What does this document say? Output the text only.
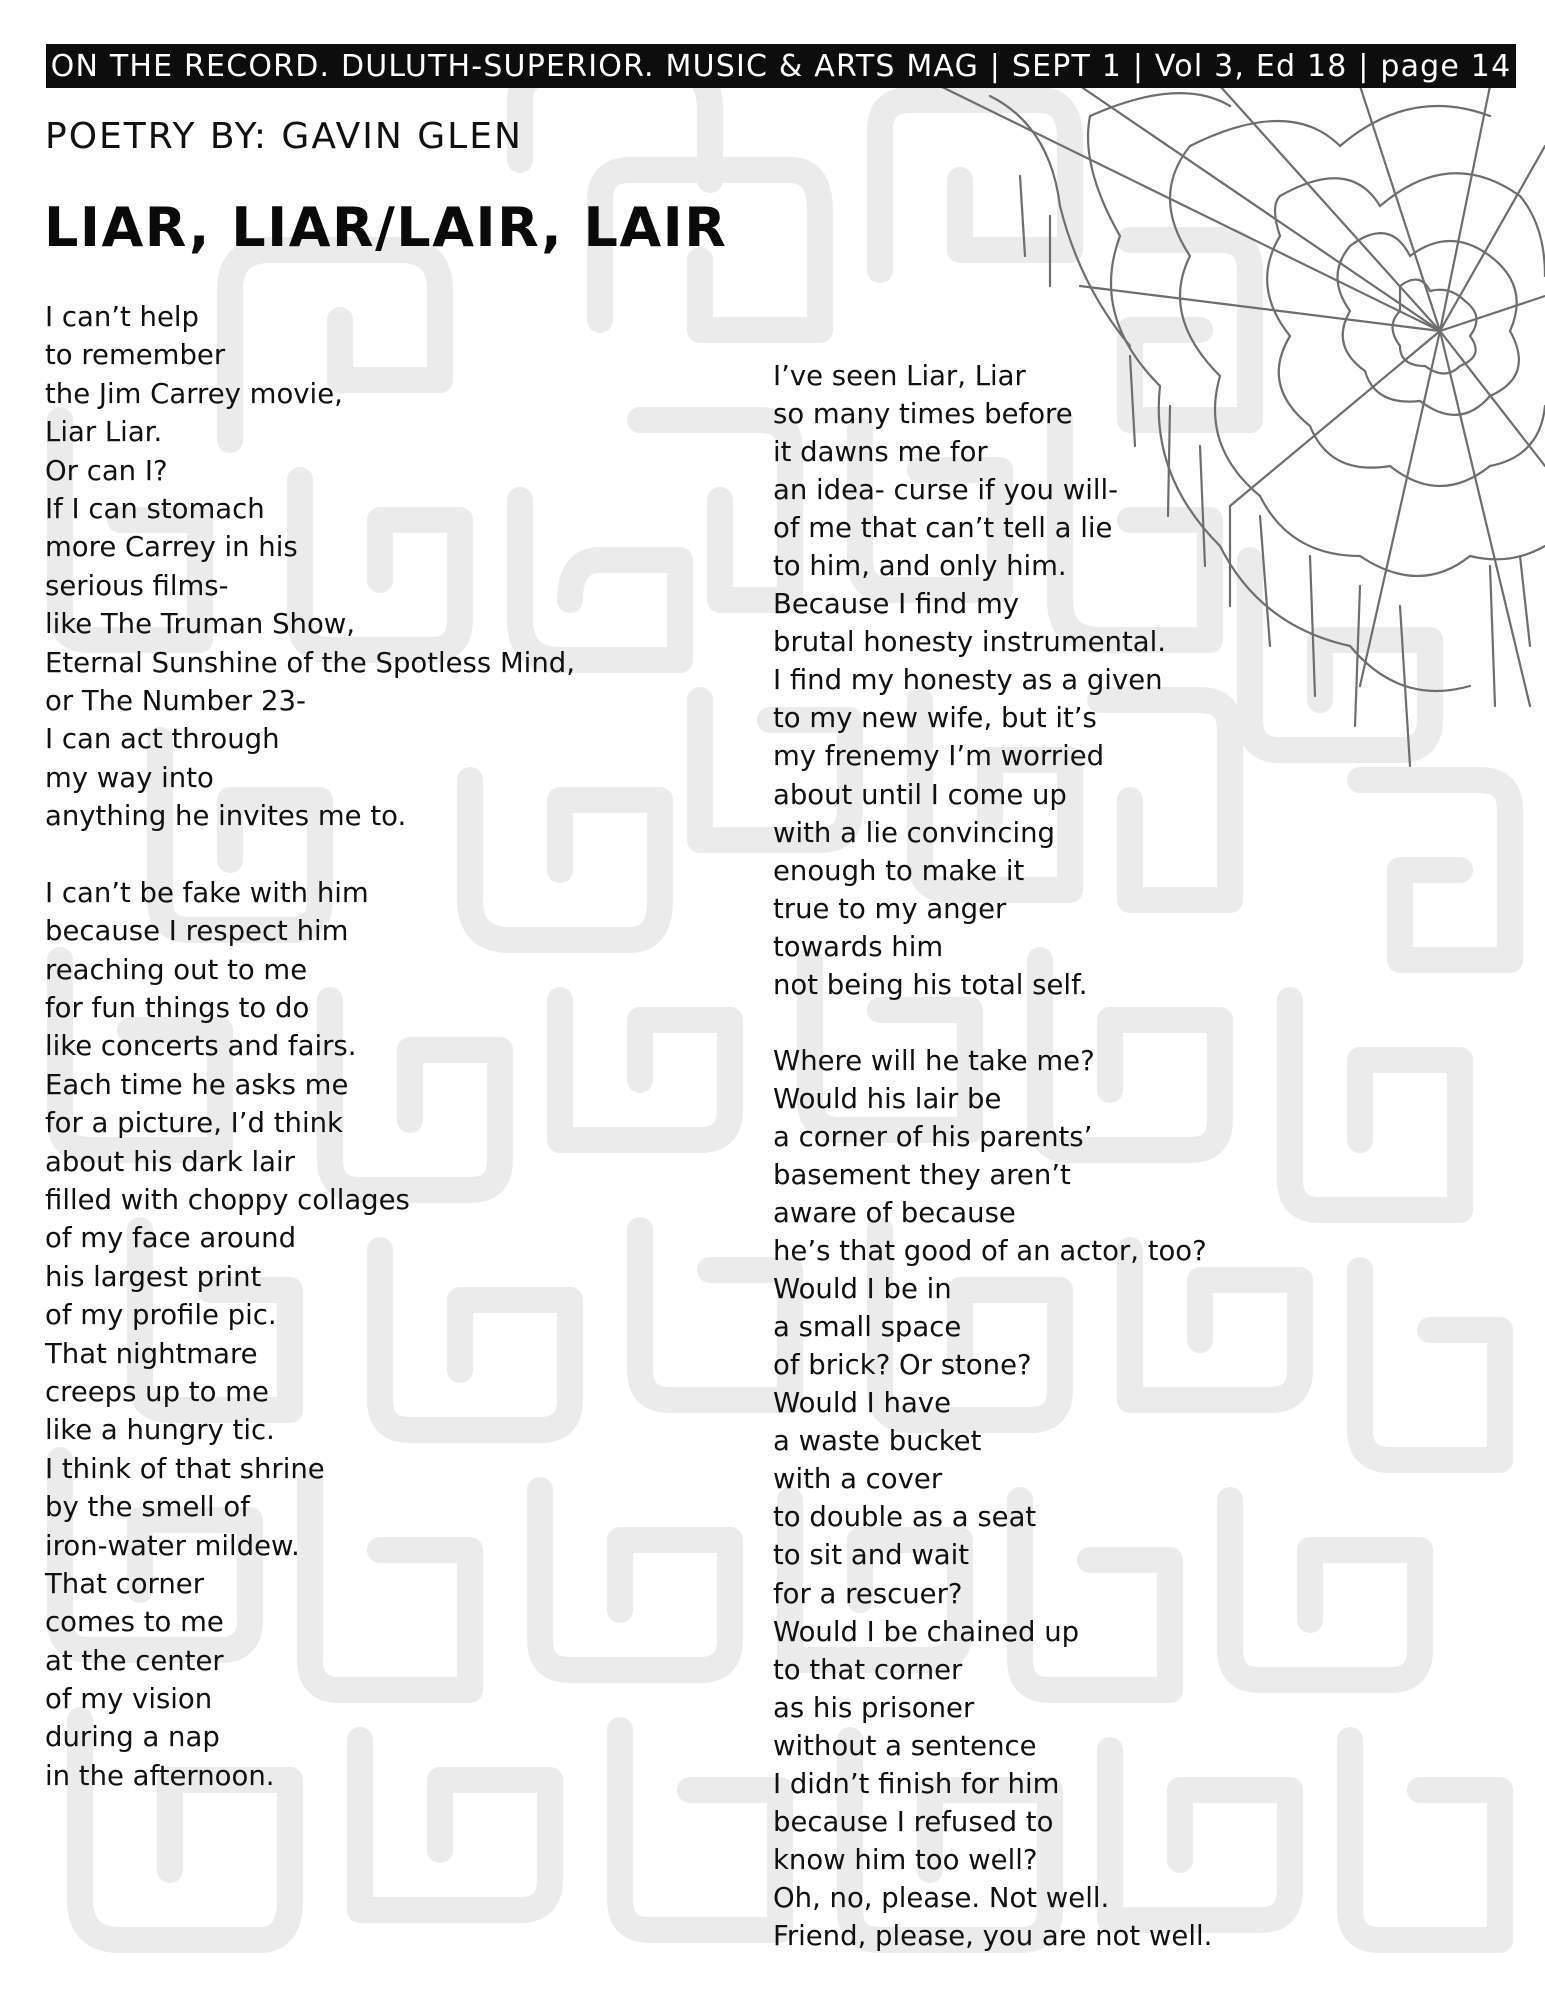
ON THE RECORD. DULUTH-SUPERIOR. MUSIC & ARTS MAG | SEPT 1 | Vol 3, Ed 18 | page 14
POETRY BY: GAVIN GLEN
LIAR, LIAR/LAIR, LAIR
I can’t help
to remember
the Jim Carrey movie,
Liar Liar.
Or can I?
If I can stomach
more Carrey in his
serious films-
like The Truman Show,
Eternal Sunshine of the Spotless Mind,
or The Number 23-
I can act through
my way into
anything he invites me to.
I can’t be fake with him
because I respect him
reaching out to me
for fun things to do
like concerts and fairs.
Each time he asks me
for a picture, I’d think
about his dark lair
filled with choppy collages
of my face around
his largest print
of my profile pic.
That nightmare
creeps up to me
like a hungry tic.
I think of that shrine
by the smell of
iron-water mildew.
That corner
comes to me
at the center
of my vision
during a nap
in the afternoon.
I’ve seen Liar, Liar
so many times before
it dawns me for
an idea- curse if you will-
of me that can’t tell a lie
to him, and only him.
Because I find my
brutal honesty instrumental.
I find my honesty as a given
to my new wife, but it’s
my frenemy I’m worried
about until I come up
with a lie convincing
enough to make it
true to my anger
towards him
not being his total self.
Where will he take me?
Would his lair be
a corner of his parents’
basement they aren’t
aware of because
he’s that good of an actor, too?
Would I be in
a small space
of brick? Or stone?
Would I have
a waste bucket
with a cover
to double as a seat
to sit and wait
for a rescuer?
Would I be chained up
to that corner
as his prisoner
without a sentence
I didn’t finish for him
because I refused to
know him too well?
Oh, no, please. Not well.
Friend, please, you are not well.
